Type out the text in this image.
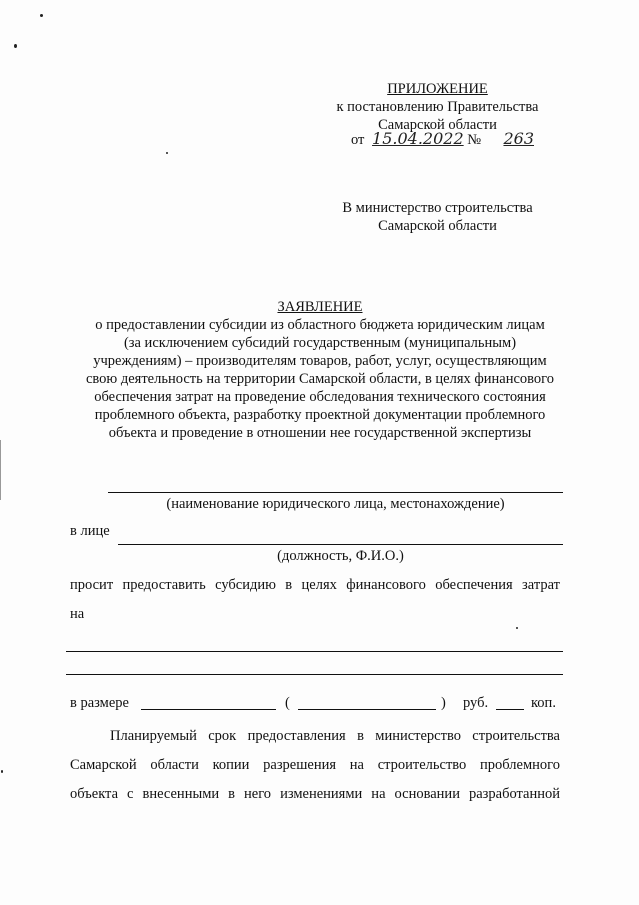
ПРИЛОЖЕНИЕ
к постановлению Правительства
Самарской области
от 15.04.2022 № 263
В министерство строительства
Самарской области
ЗАЯВЛЕНИЕ
о предоставлении субсидии из областного бюджета юридическим лицам
(за исключением субсидий государственным (муниципальным)
учреждениям) – производителям товаров, работ, услуг, осуществляющим
свою деятельность на территории Самарской области, в целях финансового
обеспечения затрат на проведение обследования технического состояния
проблемного объекта, разработку проектной документации проблемного
объекта и проведение в отношении нее государственной экспертизы
(наименование юридического лица, местонахождение)
в лице
(должность, Ф.И.О.)
просит предоставить субсидию в целях финансового обеспечения затрат
на
в размере	(	) руб.	коп.
Планируемый срок предоставления в министерство строительства
Самарской области копии разрешения на строительство проблемного
объекта с внесенными в него изменениями на основании разработанной
